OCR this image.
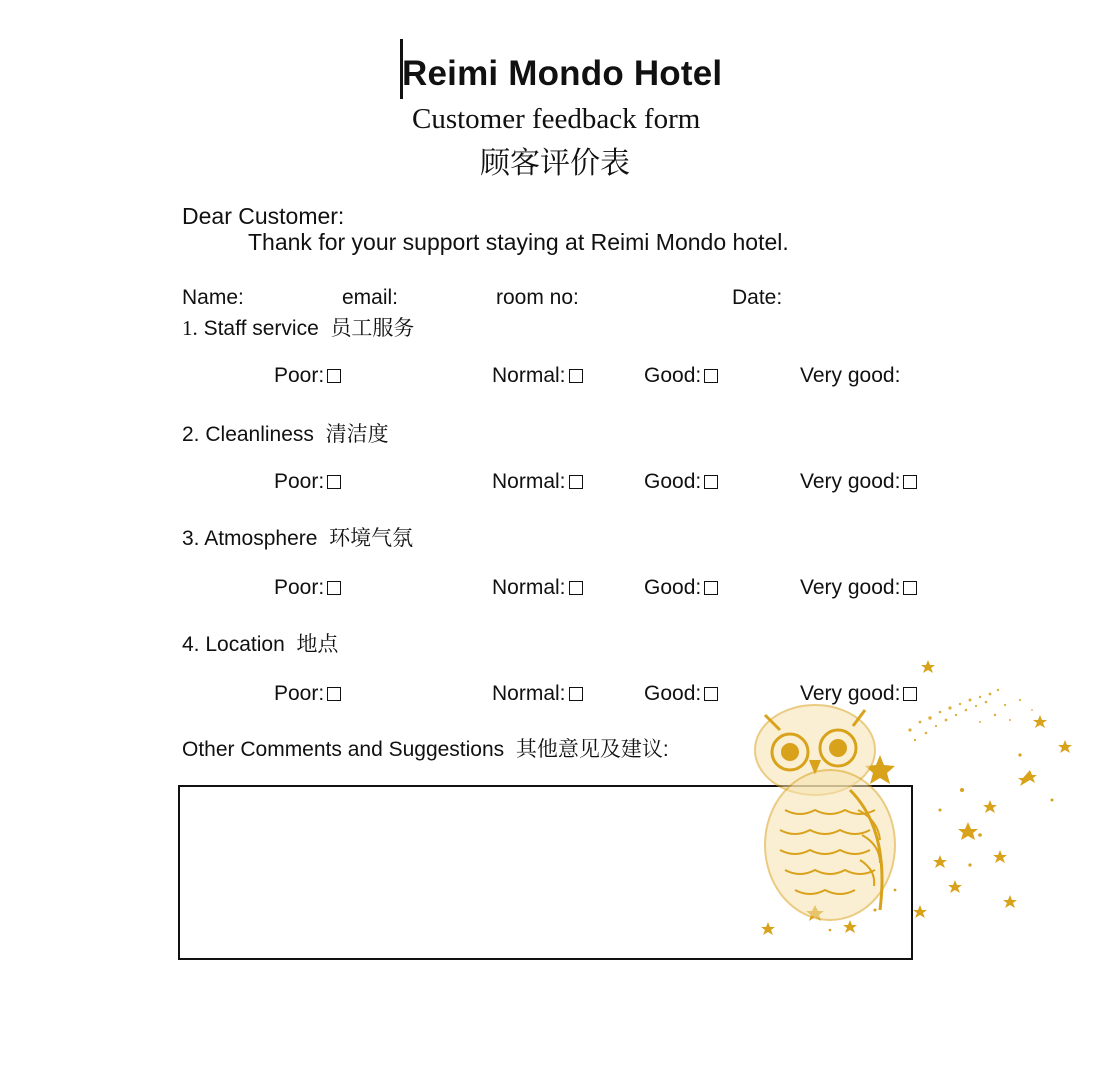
Reimi Mondo Hotel
Customer feedback form
顾客评价表
Dear Customer:
Thank for your support staying at Reimi Mondo hotel.
Name:	email:	room no:	Date:
1. Staff service 员工服务
Poor:	Normal:	Good:	Very good:
2. Cleanliness 清洁度
Poor:	Normal:	Good:	Very good:
3. Atmosphere 环境气氛
Poor:	Normal:	Good:	Very good:
4. Location 地点
Poor:	Normal:	Good:	Very good:
Other Comments and Suggestions 其他意见及建议:
